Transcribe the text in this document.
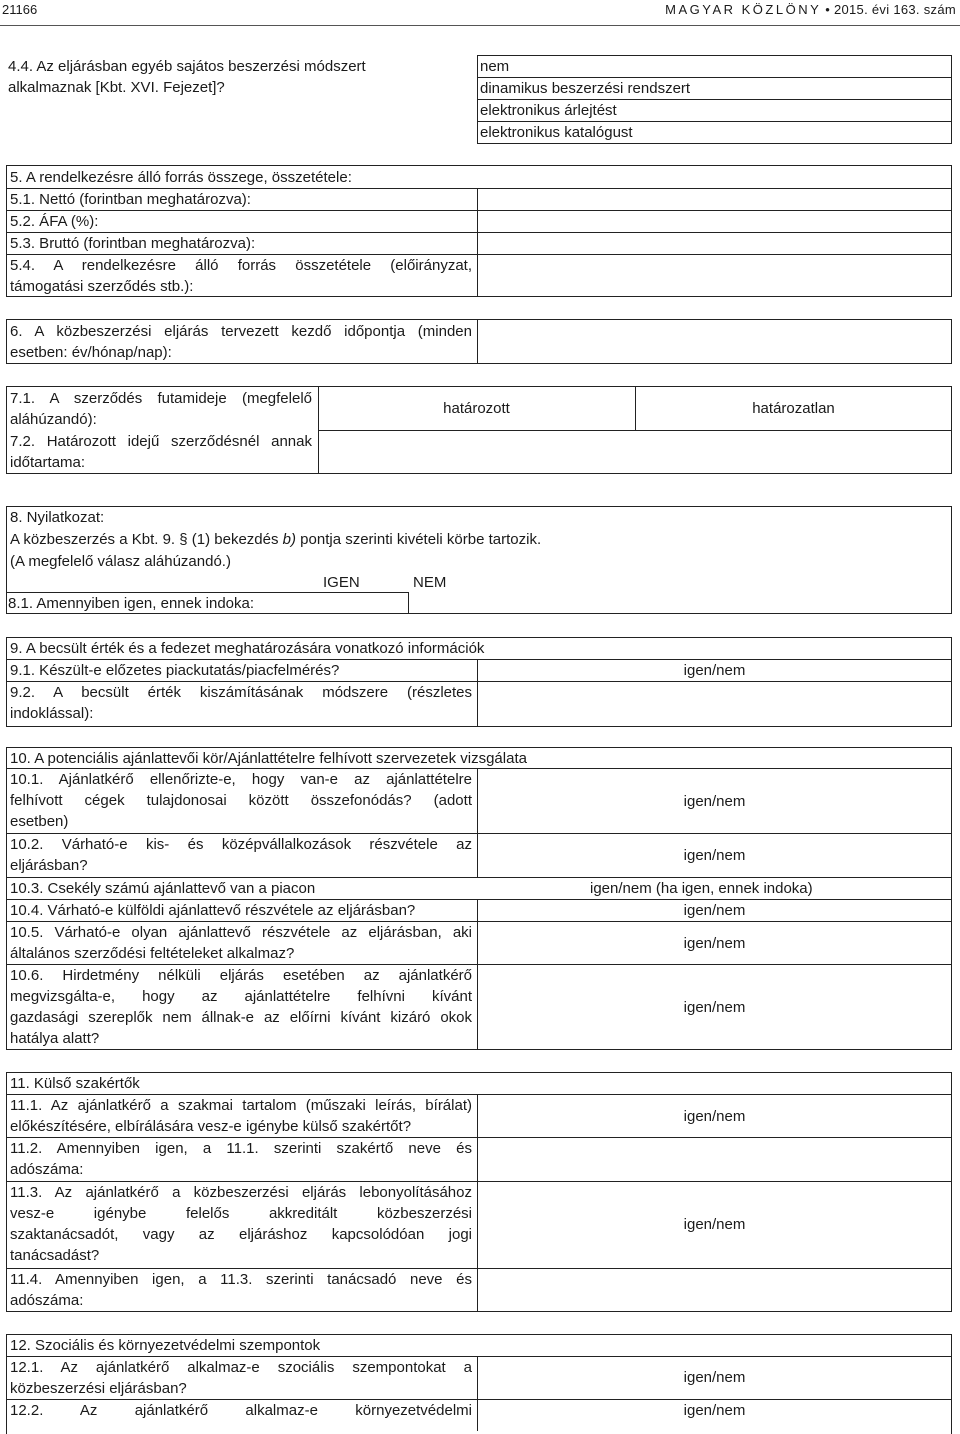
21166	MAGYAR KÖZLÖNY • 2015. évi 163. szám
4.4. Az eljárásban egyéb sajátos beszerzési módszert
alkalmaznak [Kbt. XVI. Fejezet]?
nem
dinamikus beszerzési rendszert
elektronikus árlejtést
elektronikus katalógust
5. A rendelkezésre álló forrás összege, összetétele:
5.1. Nettó (forintban meghatározva):
5.2. ÁFA (%):
5.3. Bruttó (forintban meghatározva):
5.4. A rendelkezésre álló forrás összetétele (előirányzat,
támogatási szerződés stb.):
6. A közbeszerzési eljárás tervezett kezdő időpontja (minden
esetben: év/hónap/nap):
7.1. A szerződés futamideje (megfelelő
aláhúzandó):
7.2. Határozott idejű szerződésnél annak
időtartama:
határozott	határozatlan
8. Nyilatkozat:
A közbeszerzés a Kbt. 9. § (1) bekezdés b) pontja szerinti kivételi körbe tartozik.
(A megfelelő válasz aláhúzandó.)
IGEN	NEM
8.1. Amennyiben igen, ennek indoka:
9. A becsült érték és a fedezet meghatározására vonatkozó információk
9.1. Készült-e előzetes piackutatás/piacfelmérés?	igen/nem
9.2. A becsült érték kiszámításának módszere (részletes
indoklással):
10. A potenciális ajánlattevői kör/Ajánlattételre felhívott szervezetek vizsgálata
10.1. Ajánlatkérő ellenőrizte-e, hogy van-e az ajánlattételre
felhívott cégek tulajdonosai között összefonódás? (adott
esetben)
igen/nem
10.2. Várható-e kis- és középvállalkozások részvétele az
eljárásban?
igen/nem
10.3. Csekély számú ajánlattevő van a piacon	igen/nem (ha igen, ennek indoka)
10.4. Várható-e külföldi ajánlattevő részvétele az eljárásban?	igen/nem
10.5. Várható-e olyan ajánlattevő részvétele az eljárásban, aki
általános szerződési feltételeket alkalmaz?
igen/nem
10.6. Hirdetmény nélküli eljárás esetében az ajánlatkérő
megvizsgálta-e, hogy az ajánlattételre felhívni kívánt
gazdasági szereplők nem állnak-e az előírni kívánt kizáró okok
hatálya alatt?
igen/nem
11. Külső szakértők
11.1. Az ajánlatkérő a szakmai tartalom (műszaki leírás, bírálat)
előkészítésére, elbírálására vesz-e igénybe külső szakértőt?
igen/nem
11.2. Amennyiben igen, a 11.1. szerinti szakértő neve és
adószáma:
11.3. Az ajánlatkérő a közbeszerzési eljárás lebonyolításához
vesz-e igénybe felelős akkreditált közbeszerzési
szaktanácsadót, vagy az eljáráshoz kapcsolódóan jogi
tanácsadást?
igen/nem
11.4. Amennyiben igen, a 11.3. szerinti tanácsadó neve és
adószáma:
12. Szociális és környezetvédelmi szempontok
12.1. Az ajánlatkérő alkalmaz-e szociális szempontokat a
közbeszerzési eljárásban?
igen/nem
12.2. Az ajánlatkérő alkalmaz-e környezetvédelmi	igen/nem
